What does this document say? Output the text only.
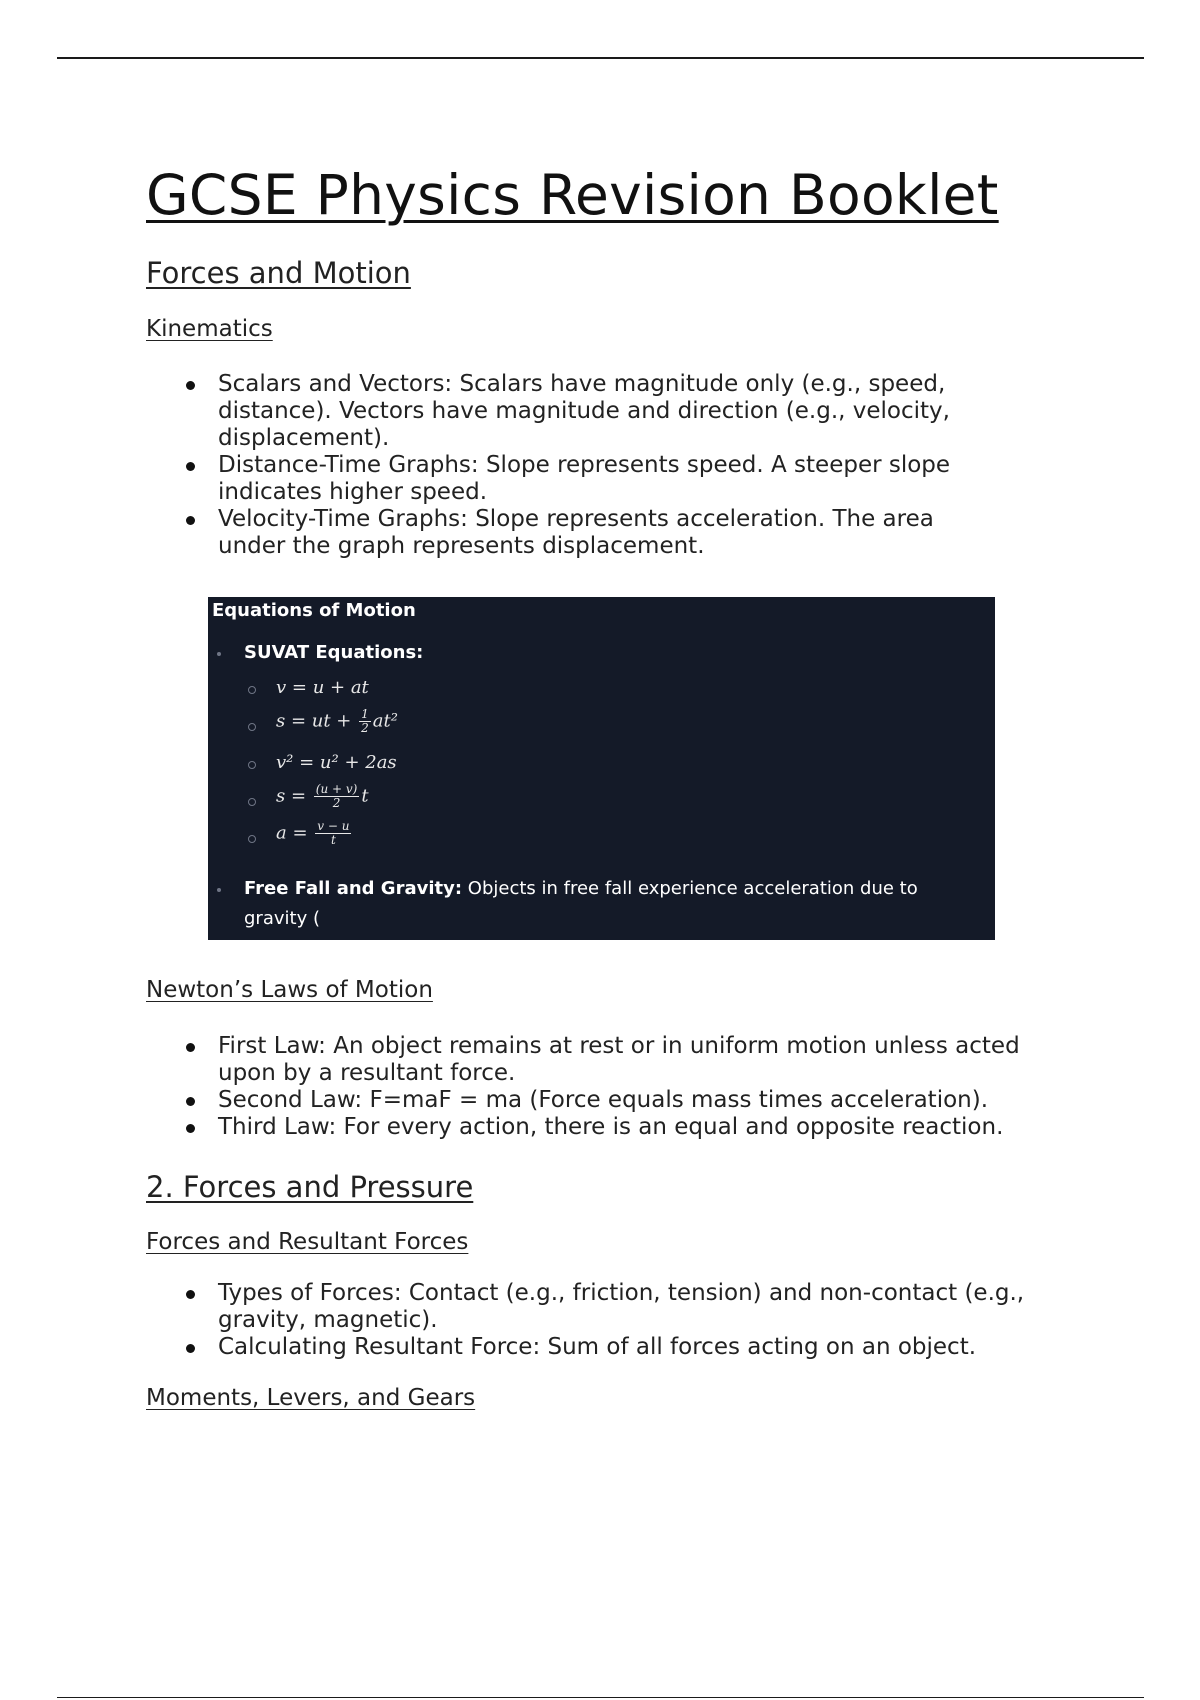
GCSE Physics Revision Booklet
Forces and Motion
Kinematics
Scalars and Vectors: Scalars have magnitude only (e.g., speed, distance). Vectors have magnitude and direction (e.g., velocity, displacement).
Distance-Time Graphs: Slope represents speed. A steeper slope indicates higher speed.
Velocity-Time Graphs: Slope represents acceleration. The area under the graph represents displacement.
Equations of Motion
SUVAT Equations:
v = u + at
s = ut + $\frac{1}{2} at^2$
v² = u² + 2as
$s = \frac{(u + v)}{2}$ t
$a = \frac{v - u}{t}$
Free Fall and Gravity: Objects in free fall experience acceleration due to gravity (
g = 9.8 m/s²).
Newton’s Laws of Motion
First Law: An object remains at rest or in uniform motion unless acted upon by a resultant force.
Second Law: F=maF = ma (Force equals mass times acceleration).
Third Law: For every action, there is an equal and opposite reaction.
2. Forces and Pressure
Forces and Resultant Forces
Types of Forces: Contact (e.g., friction, tension) and non-contact (e.g., gravity, magnetic).
Calculating Resultant Force: Sum of all forces acting on an object.
Moments, Levers, and Gears
